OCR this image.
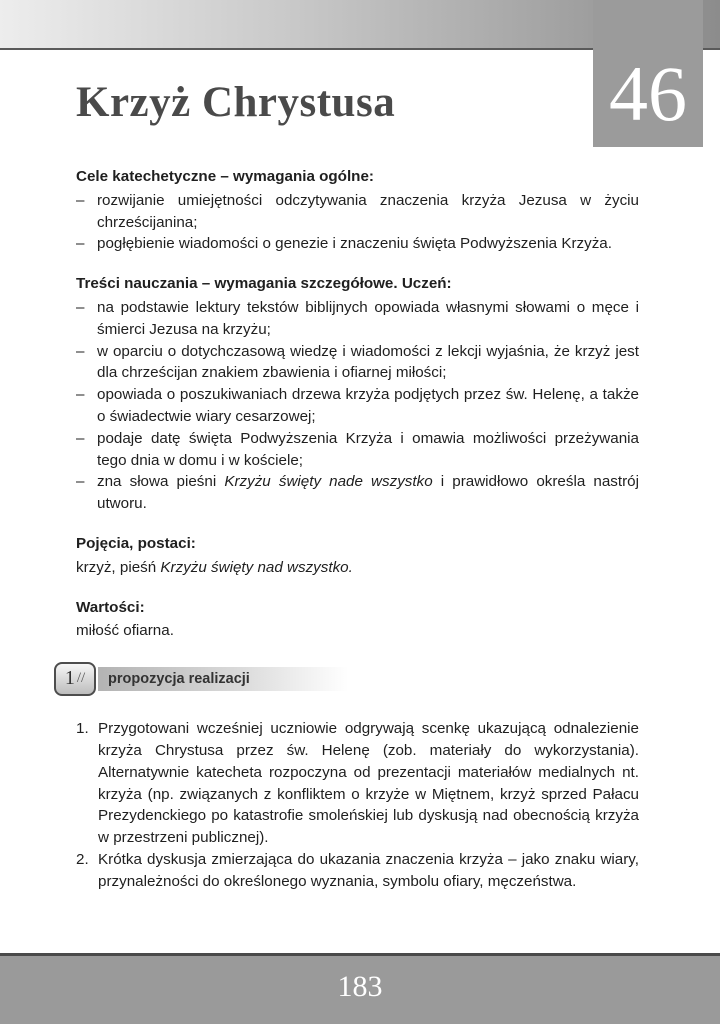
46
Krzyż Chrystusa

Cele katechetyczne – wymagania ogólne:

– rozwijanie umiejętności odczytywania znaczenia krzyża Jezusa w życiu chrześcijanina;
– pogłębienie wiadomości o genezie i znaczeniu święta Podwyższenia Krzyża.

Treści nauczania – wymagania szczegółowe. Uczeń:

– na podstawie lektury tekstów biblijnych opowiada własnymi słowami o męce i śmierci Jezusa na krzyżu;
– w oparciu o dotychczasową wiedzę i wiadomości z lekcji wyjaśnia, że krzyż jest dla chrześcijan znakiem zbawienia i ofiarnej miłości;
– opowiada o poszukiwaniach drzewa krzyża podjętych przez św. Helenę, a także o świadectwie wiary cesarzowej;
– podaje datę święta Podwyższenia Krzyża i omawia możliwości przeżywania tego dnia w domu i w kościele;
– zna słowa pieśni Krzyżu święty nade wszystko i prawidłowo określa nastrój utworu.

Pojęcia, postaci:

krzyż, pieśń Krzyżu święty nad wszystko.

Wartości:

miłość ofiarna.

1 //	propozycja realizacji
1. Przygotowani wcześniej uczniowie odgrywają scenkę ukazującą odnalezienie krzyża Chrystusa przez św. Helenę (zob. materiały do wykorzystania). Alternatywnie katecheta rozpoczyna od prezentacji materiałów medialnych nt. krzyża (np. związanych z konfliktem o krzyże w Miętnem, krzyż sprzed Pałacu Prezydenckiego po katastrofie smoleńskiej lub dyskusją nad obecnością krzyża w przestrzeni publicznej).
2. Krótka dyskusja zmierzająca do ukazania znaczenia krzyża – jako znaku wiary, przynależności do określonego wyznania, symbolu ofiary, męczeństwa.
183
